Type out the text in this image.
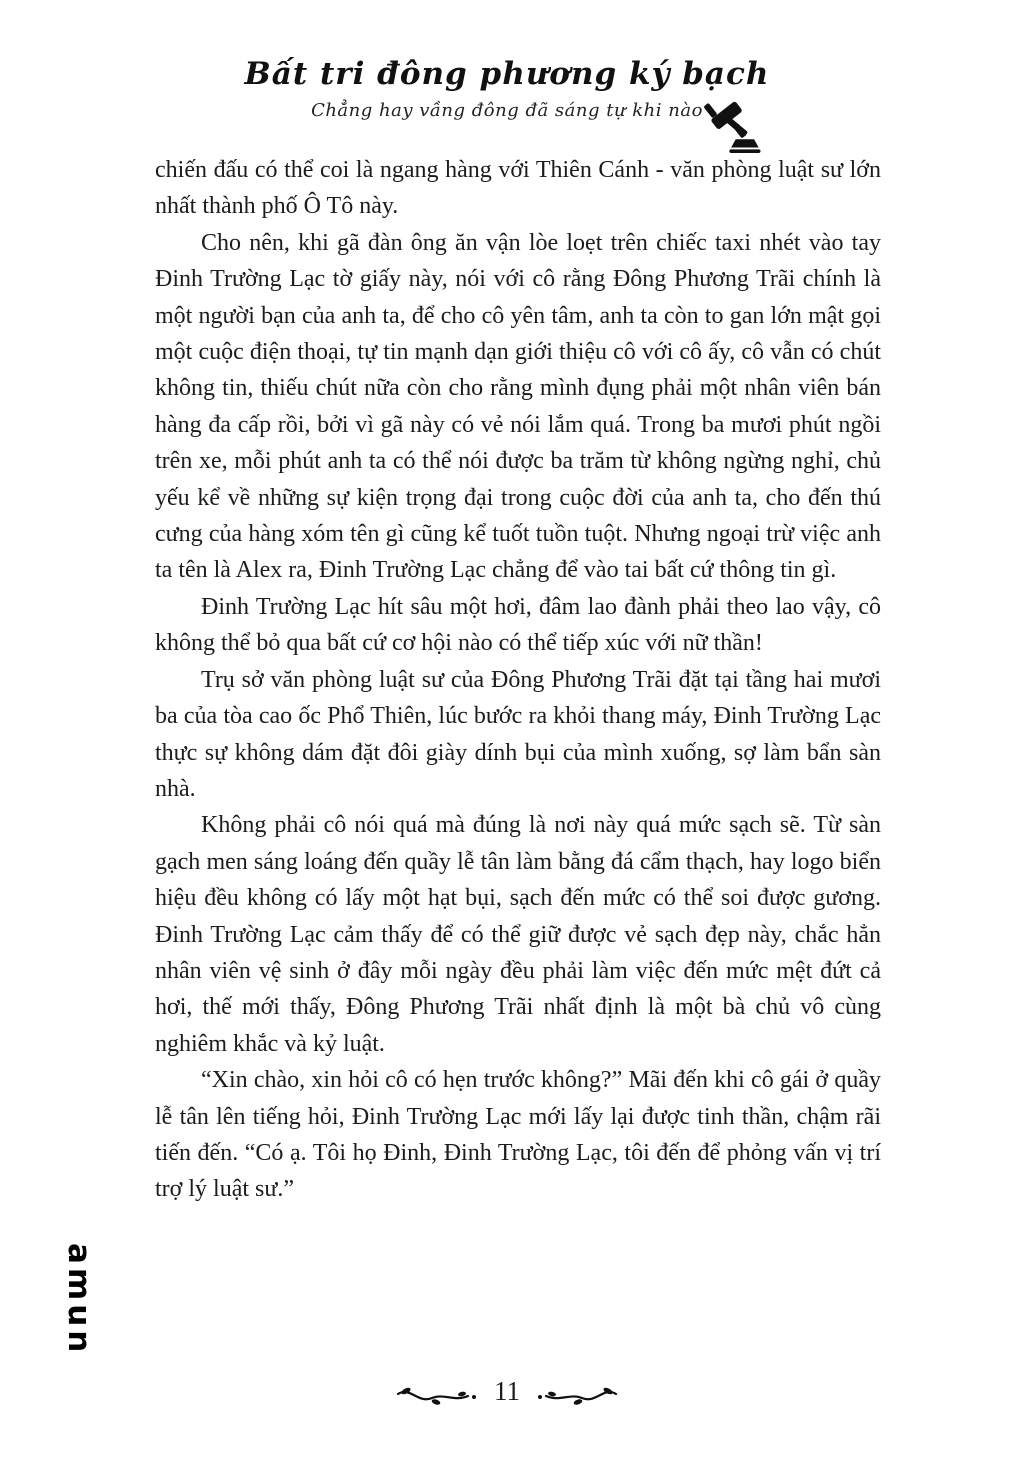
Bất tri đông phương ký bạch
Chẳng hay vầng đông đã sáng tự khi nào

chiến đấu có thể coi là ngang hàng với Thiên Cánh - văn phòng luật sư lớn nhất thành phố Ô Tô này.

Cho nên, khi gã đàn ông ăn vận lòe loẹt trên chiếc taxi nhét vào tay Đinh Trường Lạc tờ giấy này, nói với cô rằng Đông Phương Trãi chính là một người bạn của anh ta, để cho cô yên tâm, anh ta còn to gan lớn mật gọi một cuộc điện thoại, tự tin mạnh dạn giới thiệu cô với cô ấy, cô vẫn có chút không tin, thiếu chút nữa còn cho rằng mình đụng phải một nhân viên bán hàng đa cấp rồi, bởi vì gã này có vẻ nói lắm quá. Trong ba mươi phút ngồi trên xe, mỗi phút anh ta có thể nói được ba trăm từ không ngừng nghỉ, chủ yếu kể về những sự kiện trọng đại trong cuộc đời của anh ta, cho đến thú cưng của hàng xóm tên gì cũng kể tuốt tuồn tuột. Nhưng ngoại trừ việc anh ta tên là Alex ra, Đinh Trường Lạc chẳng để vào tai bất cứ thông tin gì.

Đinh Trường Lạc hít sâu một hơi, đâm lao đành phải theo lao vậy, cô không thể bỏ qua bất cứ cơ hội nào có thể tiếp xúc với nữ thần!

Trụ sở văn phòng luật sư của Đông Phương Trãi đặt tại tầng hai mươi ba của tòa cao ốc Phổ Thiên, lúc bước ra khỏi thang máy, Đinh Trường Lạc thực sự không dám đặt đôi giày dính bụi của mình xuống, sợ làm bẩn sàn nhà.

Không phải cô nói quá mà đúng là nơi này quá mức sạch sẽ. Từ sàn gạch men sáng loáng đến quầy lễ tân làm bằng đá cẩm thạch, hay logo biển hiệu đều không có lấy một hạt bụi, sạch đến mức có thể soi được gương. Đinh Trường Lạc cảm thấy để có thể giữ được vẻ sạch đẹp này, chắc hẳn nhân viên vệ sinh ở đây mỗi ngày đều phải làm việc đến mức mệt đứt cả hơi, thế mới thấy, Đông Phương Trãi nhất định là một bà chủ vô cùng nghiêm khắc và kỷ luật.

“Xin chào, xin hỏi cô có hẹn trước không?” Mãi đến khi cô gái ở quầy lễ tân lên tiếng hỏi, Đinh Trường Lạc mới lấy lại được tinh thần, chậm rãi tiến đến. “Có ạ. Tôi họ Đinh, Đinh Trường Lạc, tôi đến để phỏng vấn vị trí trợ lý luật sư.”

amun
11
